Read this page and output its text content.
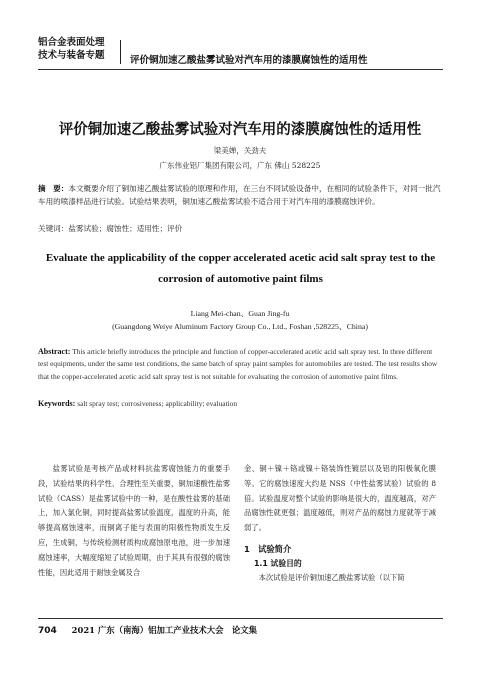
铝合金表面处理
技术与装备专题	评价铜加速乙酸盐雾试验对汽车用的漆膜腐蚀性的适用性
评价铜加速乙酸盐雾试验对汽车用的漆膜腐蚀性的适用性
梁美婵，关劲夫
广东伟业铝厂集团有限公司，广东 佛山 528225
摘　要：本文概要介绍了铜加速乙酸盐雾试验的原理和作用，在三台不同试验设备中，在相同的试验条件下，对同一批汽车用的喷漆样品进行试验。试验结果表明，铜加速乙酸盐雾试验不适合用于对汽车用的漆膜腐蚀评价。
关键词：盐雾试验；腐蚀性；适用性；评价
Evaluate the applicability of the copper accelerated acetic acid salt spray test to the
corrosion of automotive paint films
Liang Mei-chan、Guan Jing-fu
(Guangdong Weiye Aluminum Factory Group Co., Ltd., Foshan ,528225、China)
Abstract: This article briefly introduces the principle and function of copper-accelerated acetic acid salt spray test. In three different test equipments, under the same test conditions, the same batch of spray paint samples for automobiles are tested. The test results show that the copper-accelerated acetic acid salt spray test is not suitable for evaluating the corrosion of automotive paint films.
Keywords: salt spray test; corrosiveness; applicability; evaluation
盐雾试验是考核产品或材料抗盐雾腐蚀能力的重要手段，试验结果的科学性、合理性至关重要，铜加速酸性盐雾试验（CASS）是盐雾试验中的一种，是在酸性盐雾的基础上，加入氯化铜，同时提高盐雾试验温度，温度的升高，能够提高腐蚀速率，而铜离子能与表面的阳极性物质发生反应，生成铜，与传统检测材质构成腐蚀原电池，进一步加速腐蚀速率，大幅度缩短了试验周期，由于其具有很强的腐蚀性能，因此适用于耐蚀金属及合
金、铜＋镍＋铬或镍＋铬装饰性镀层以及铝的阳极氧化膜等。它的腐蚀速度大约是 NSS（中性盐雾试验）试验的 8 倍。试验温度对整个试验的影响是很大的，温度越高，对产品腐蚀性就更强；温度越低，则对产品的腐蚀力度就等于减弱了。
1　试验简介
1.1 试验目的
本次试验是评价铜加速乙酸盐雾试验（以下简
704 2021 广东（南海）铝加工产业技术大会　论文集
